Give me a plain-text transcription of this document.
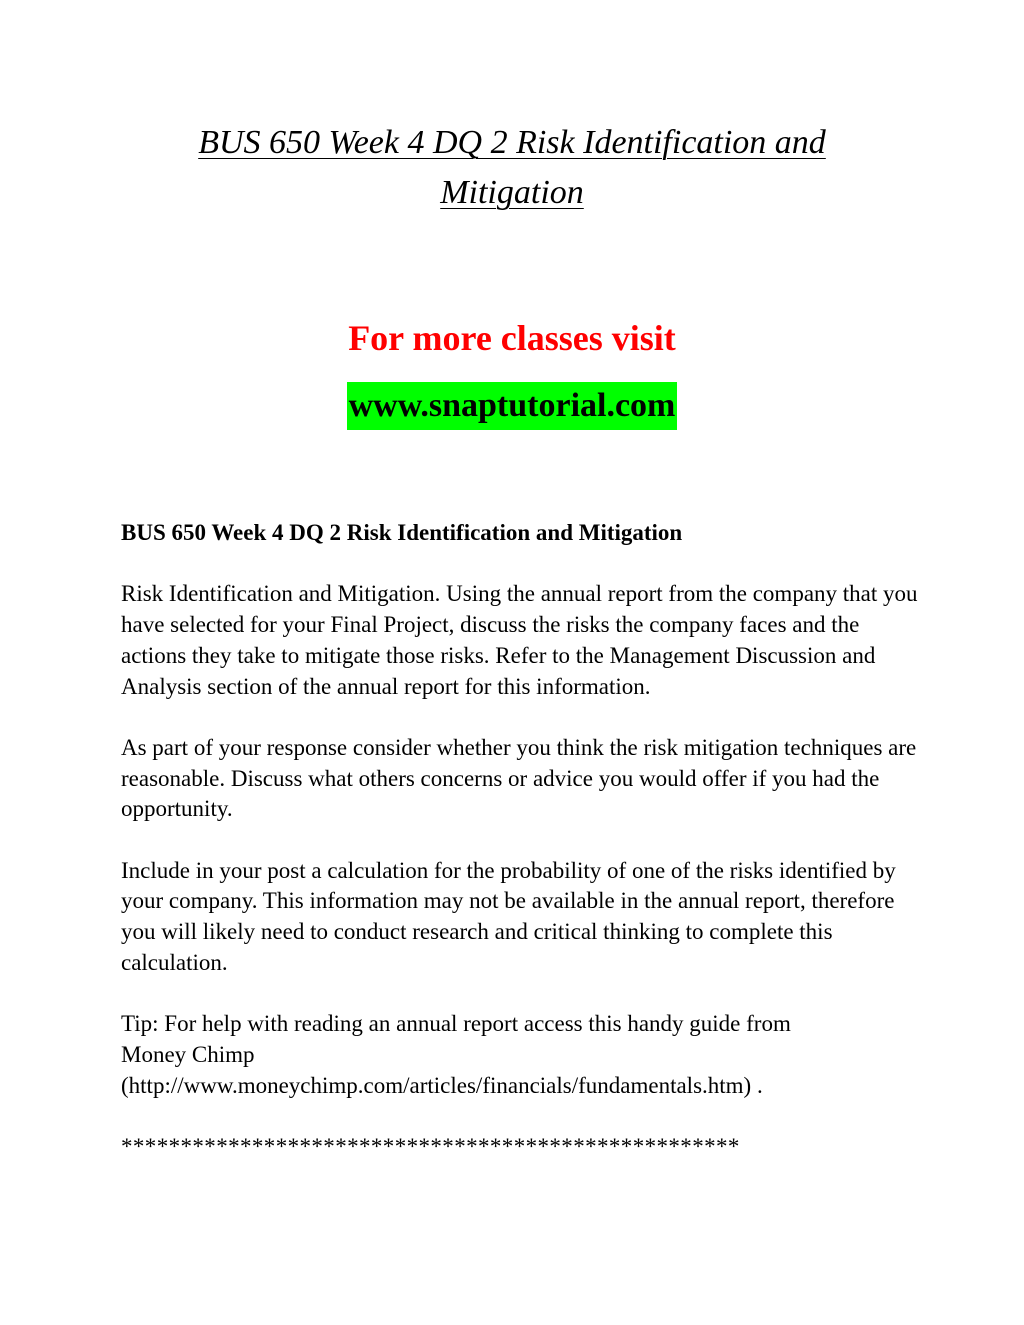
BUS 650 Week 4 DQ 2 Risk Identification and
Mitigation

For more classes visit

www.snaptutorial.com

BUS 650 Week 4 DQ 2 Risk Identification and Mitigation

Risk Identification and Mitigation. Using the annual report from the company that you have selected for your Final Project, discuss the risks the company faces and the actions they take to mitigate those risks. Refer to the Management Discussion and Analysis section of the annual report for this information.

As part of your response consider whether you think the risk mitigation techniques are reasonable. Discuss what others concerns or advice you would offer if you had the opportunity.

Include in your post a calculation for the probability of one of the risks identified by your company. This information may not be available in the annual report, therefore you will likely need to conduct research and critical thinking to complete this calculation.

Tip: For help with reading an annual report access this handy guide from
Money Chimp
(http://www.moneychimp.com/articles/financials/fundamentals.htm) .

****************************************************
